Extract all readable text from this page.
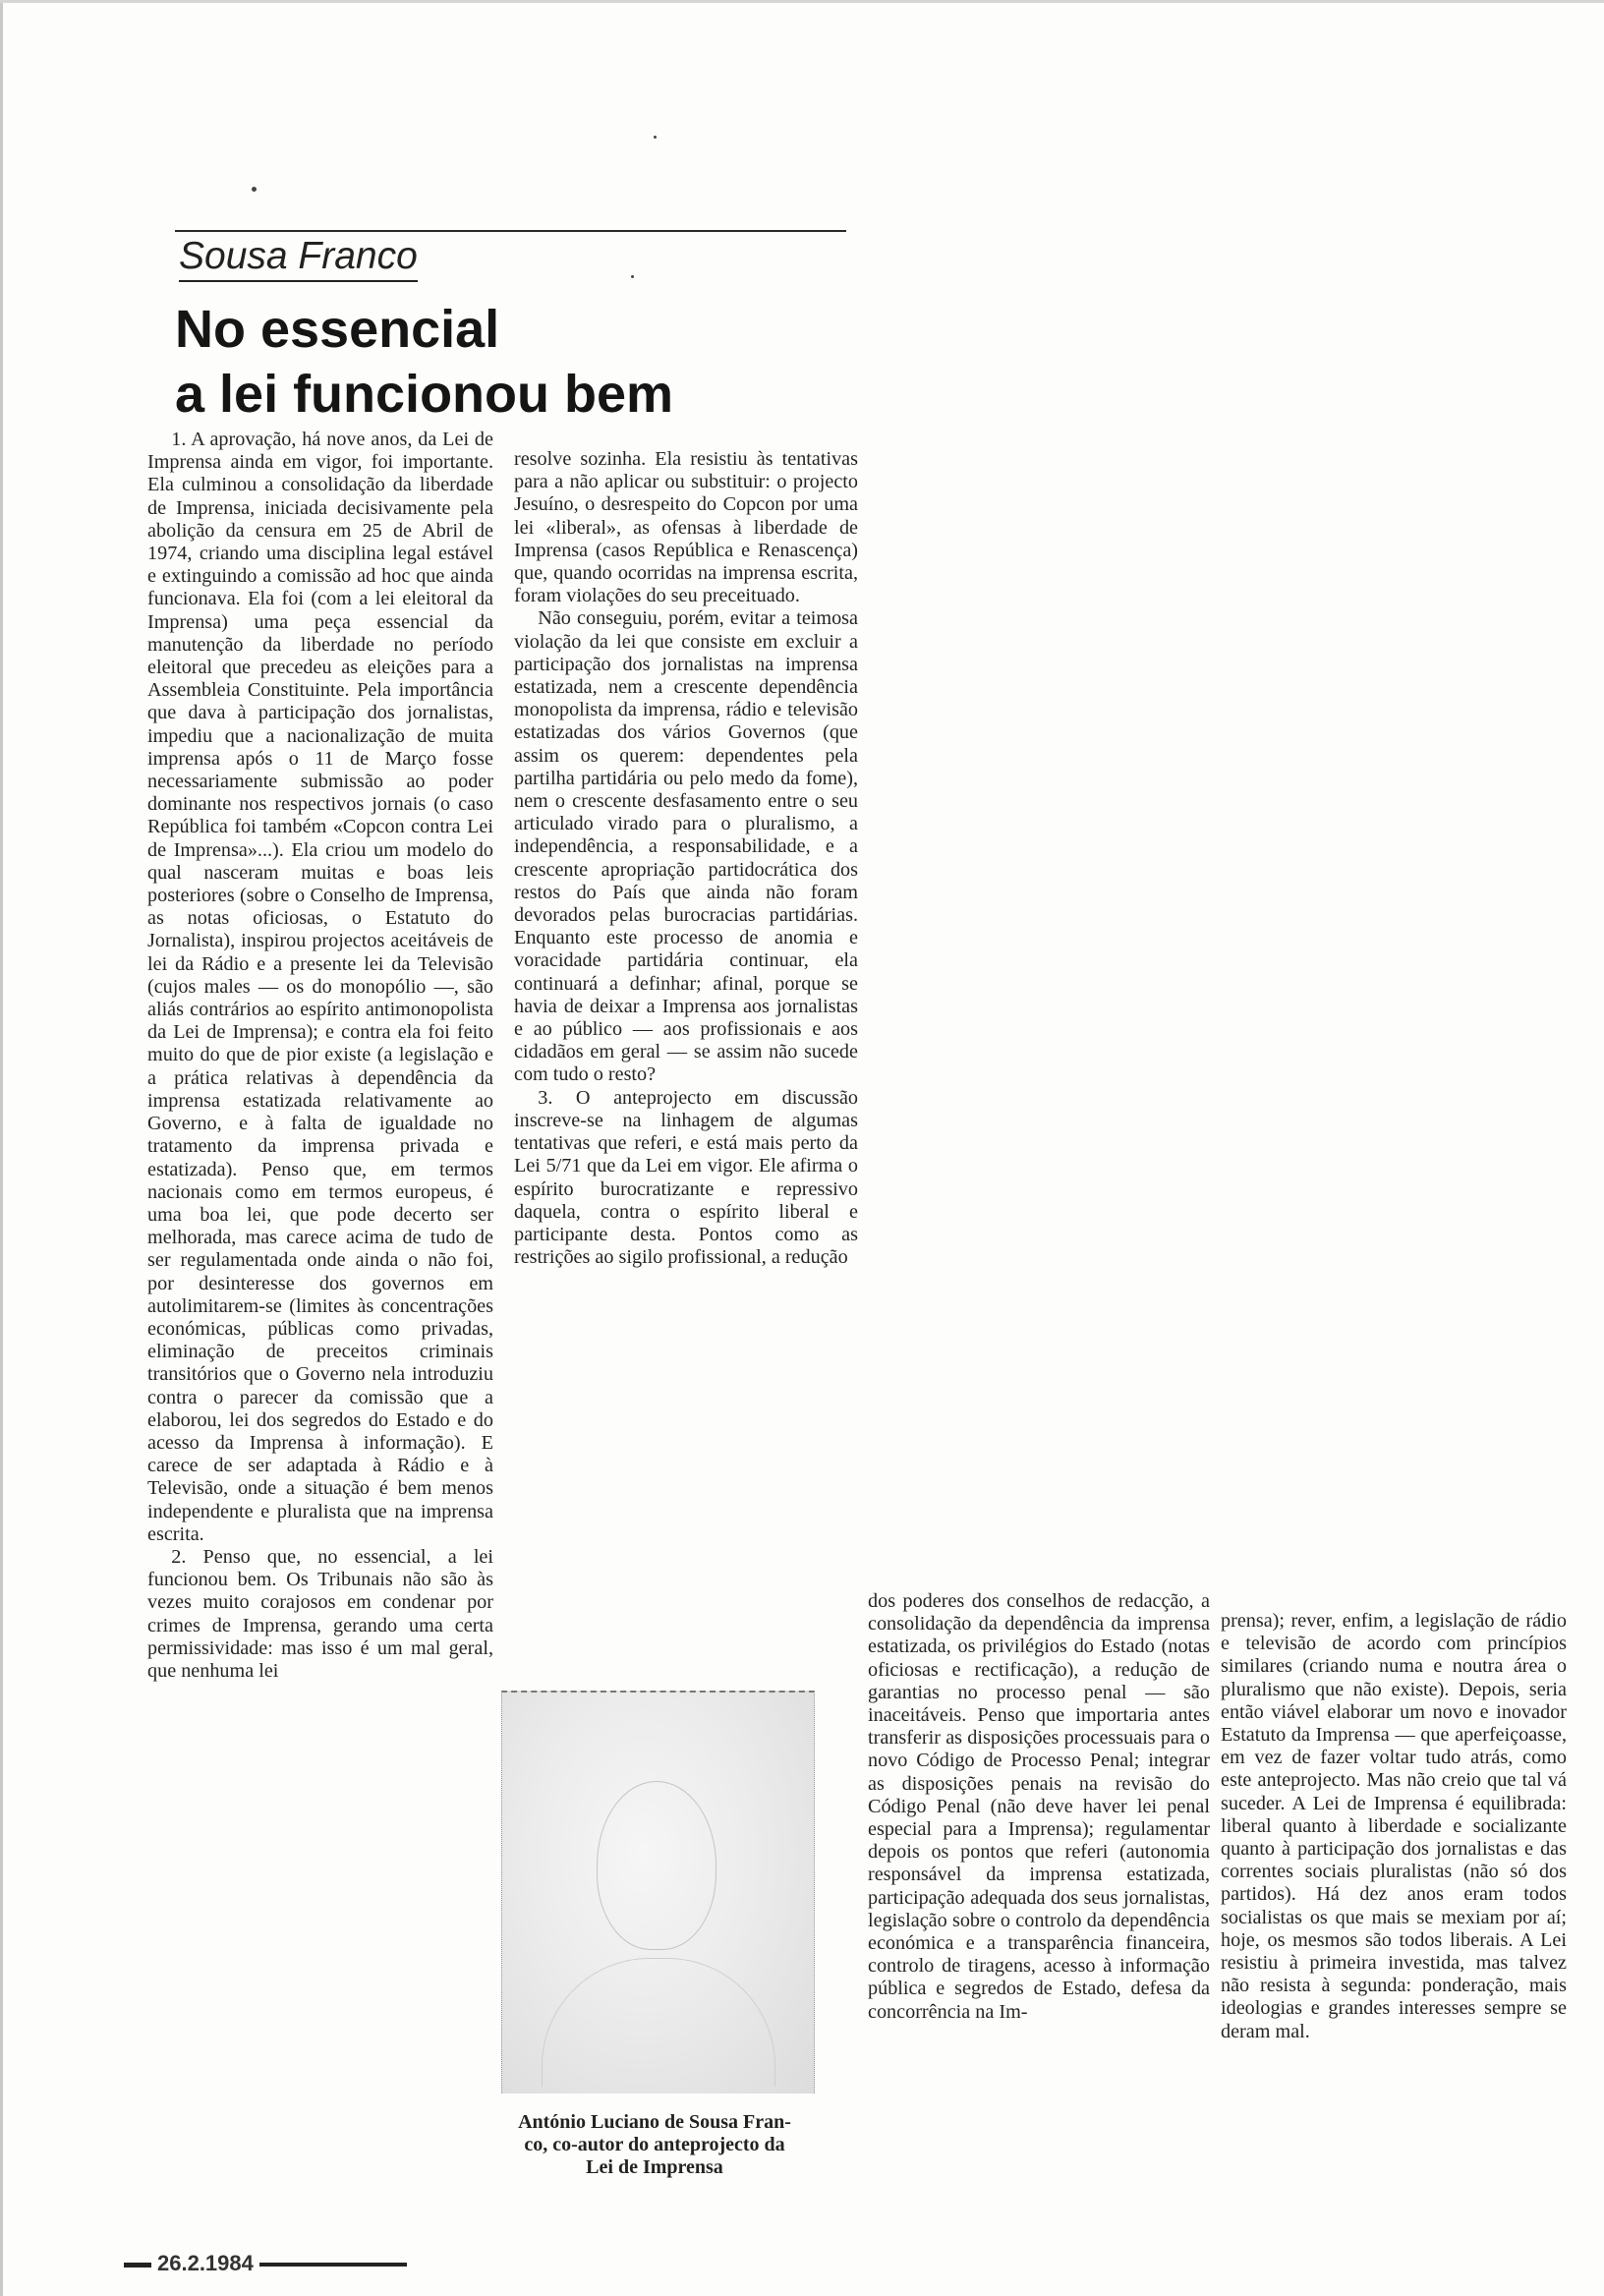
Sousa Franco
No essencial
a lei funcionou bem

1. A aprovação, há nove anos, da Lei de Imprensa ainda em vigor, foi importante. Ela culminou a consolidação da liberdade de Imprensa, iniciada decisivamente pela abolição da censura em 25 de Abril de 1974, criando uma disciplina legal estável e extinguindo a comissão ad hoc que ainda funcionava. Ela foi (com a lei eleitoral da Imprensa) uma peça essencial da manutenção da liberdade no período eleitoral que precedeu as eleições para a Assembleia Constituinte. Pela importância que dava à participação dos jornalistas, impediu que a nacionalização de muita imprensa após o 11 de Março fosse necessariamente submissão ao poder dominante nos respectivos jornais (o caso República foi também «Copcon contra Lei de Imprensa»...). Ela criou um modelo do qual nasceram muitas e boas leis posteriores (sobre o Conselho de Imprensa, as notas oficiosas, o Estatuto do Jornalista), inspirou projectos aceitáveis de lei da Rádio e a presente lei da Televisão (cujos males — os do monopólio —, são aliás contrários ao espírito antimonopolista da Lei de Imprensa); e contra ela foi feito muito do que de pior existe (a legislação e a prática relativas à dependência da imprensa estatizada relativamente ao Governo, e à falta de igualdade no tratamento da imprensa privada e estatizada). Penso que, em termos nacionais como em termos europeus, é uma boa lei, que pode decerto ser melhorada, mas carece acima de tudo de ser regulamentada onde ainda o não foi, por desinteresse dos governos em autolimitarem-se (limites às concentrações económicas, públicas como privadas, eliminação de preceitos criminais transitórios que o Governo nela introduziu contra o parecer da comissão que a elaborou, lei dos segredos do Estado e do acesso da Imprensa à informação). E carece de ser adaptada à Rádio e à Televisão, onde a situação é bem menos independente e pluralista que na imprensa escrita.

2. Penso que, no essencial, a lei funcionou bem. Os Tribunais não são às vezes muito corajosos em condenar por crimes de Imprensa, gerando uma certa permissividade: mas isso é um mal geral, que nenhuma lei

resolve sozinha. Ela resistiu às tentativas para a não aplicar ou substituir: o projecto Jesuíno, o desrespeito do Copcon por uma lei «liberal», as ofensas à liberdade de Imprensa (casos República e Renascença) que, quando ocorridas na imprensa escrita, foram violações do seu preceituado.

Não conseguiu, porém, evitar a teimosa violação da lei que consiste em excluir a participação dos jornalistas na imprensa estatizada, nem a crescente dependência monopolista da imprensa, rádio e televisão estatizadas dos vários Governos (que assim os querem: dependentes pela partilha partidária ou pelo medo da fome), nem o crescente desfasamento entre o seu articulado virado para o pluralismo, a independência, a responsabilidade, e a crescente apropriação partidocrática dos restos do País que ainda não foram devorados pelas burocracias partidárias. Enquanto este processo de anomia e voracidade partidária continuar, ela continuará a definhar; afinal, porque se havia de deixar a Imprensa aos jornalistas e ao público — aos profissionais e aos cidadãos em geral — se assim não sucede com tudo o resto?

3. O anteprojecto em discussão inscreve-se na linhagem de algumas tentativas que referi, e está mais perto da Lei 5/71 que da Lei em vigor. Ele afirma o espírito burocratizante e repressivo daquela, contra o espírito liberal e participante desta. Pontos como as restrições ao sigilo profissional, a redução

António Luciano de Sousa Fran-
co, co-autor do anteprojecto da
Lei de Imprensa

dos poderes dos conselhos de redacção, a consolidação da dependência da imprensa estatizada, os privilégios do Estado (notas oficiosas e rectificação), a redução de garantias no processo penal — são inaceitáveis. Penso que importaria antes transferir as disposições processuais para o novo Código de Processo Penal; integrar as disposições penais na revisão do Código Penal (não deve haver lei penal especial para a Imprensa); regulamentar depois os pontos que referi (autonomia responsável da imprensa estatizada, participação adequada dos seus jornalistas, legislação sobre o controlo da dependência económica e a transparência financeira, controlo de tiragens, acesso à informação pública e segredos de Estado, defesa da concorrência na Im-

prensa); rever, enfim, a legislação de rádio e televisão de acordo com princípios similares (criando numa e noutra área o pluralismo que não existe). Depois, seria então viável elaborar um novo e inovador Estatuto da Imprensa — que aperfeiçoasse, em vez de fazer voltar tudo atrás, como este anteprojecto. Mas não creio que tal vá suceder. A Lei de Imprensa é equilibrada: liberal quanto à liberdade e socializante quanto à participação dos jornalistas e das correntes sociais pluralistas (não só dos partidos). Há dez anos eram todos socialistas os que mais se mexiam por aí; hoje, os mesmos são todos liberais. A Lei resistiu à primeira investida, mas talvez não resista à segunda: ponderação, mais ideologias e grandes interesses sempre se deram mal.

26.2.1984
